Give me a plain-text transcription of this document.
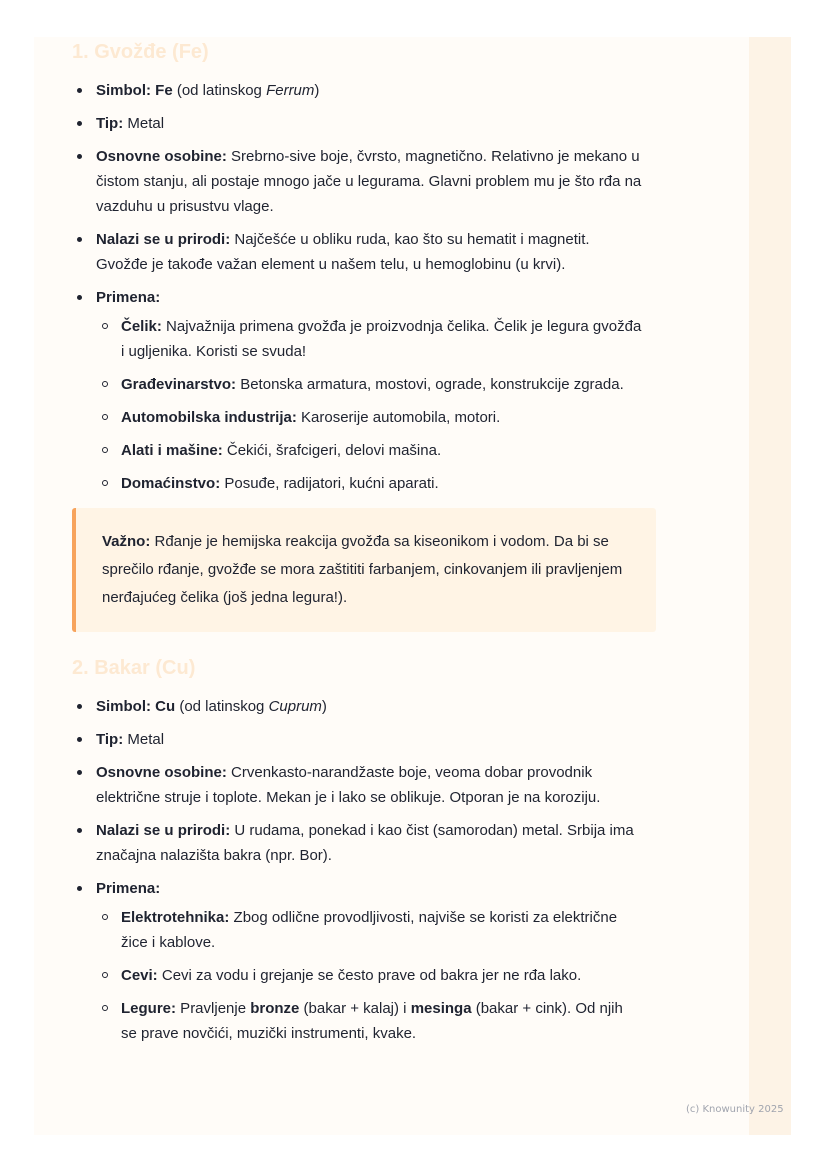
1. Gvožđe (Fe)
Simbol: Fe (od latinskog Ferrum)
Tip: Metal
Osnovne osobine: Srebrno-sive boje, čvrsto, magnetično. Relativno je mekano u čistom stanju, ali postaje mnogo jače u legurama. Glavni problem mu je što rđa na vazduhu u prisustvu vlage.
Nalazi se u prirodi: Najčešće u obliku ruda, kao što su hematit i magnetit. Gvožđe je takođe važan element u našem telu, u hemoglobinu (u krvi).
Primena:
Čelik: Najvažnija primena gvožđa je proizvodnja čelika. Čelik je legura gvožđa i ugljenika. Koristi se svuda!
Građevinarstvo: Betonska armatura, mostovi, ograde, konstrukcije zgrada.
Automobilska industrija: Karoserije automobila, motori.
Alati i mašine: Čekići, šrafcigeri, delovi mašina.
Domaćinstvo: Posuđe, radijatori, kućni aparati.
Važno: Rđanje je hemijska reakcija gvožđa sa kiseonikom i vodom. Da bi se sprečilo rđanje, gvožđe se mora zaštititi farbanjem, cinkovanjem ili pravljenjem nerđajućeg čelika (još jedna legura!).
2. Bakar (Cu)
Simbol: Cu (od latinskog Cuprum)
Tip: Metal
Osnovne osobine: Crvenkasto-narandžaste boje, veoma dobar provodnik električne struje i toplote. Mekan je i lako se oblikuje. Otporan je na koroziju.
Nalazi se u prirodi: U rudama, ponekad i kao čist (samorodan) metal. Srbija ima značajna nalazišta bakra (npr. Bor).
Primena:
Elektrotehnika: Zbog odlične provodljivosti, najviše se koristi za električne žice i kablove.
Cevi: Cevi za vodu i grejanje se često prave od bakra jer ne rđa lako.
Legure: Pravljenje bronze (bakar + kalaj) i mesinga (bakar + cink). Od njih se prave novčići, muzički instrumenti, kvake.
(c) Knowunity 2025
